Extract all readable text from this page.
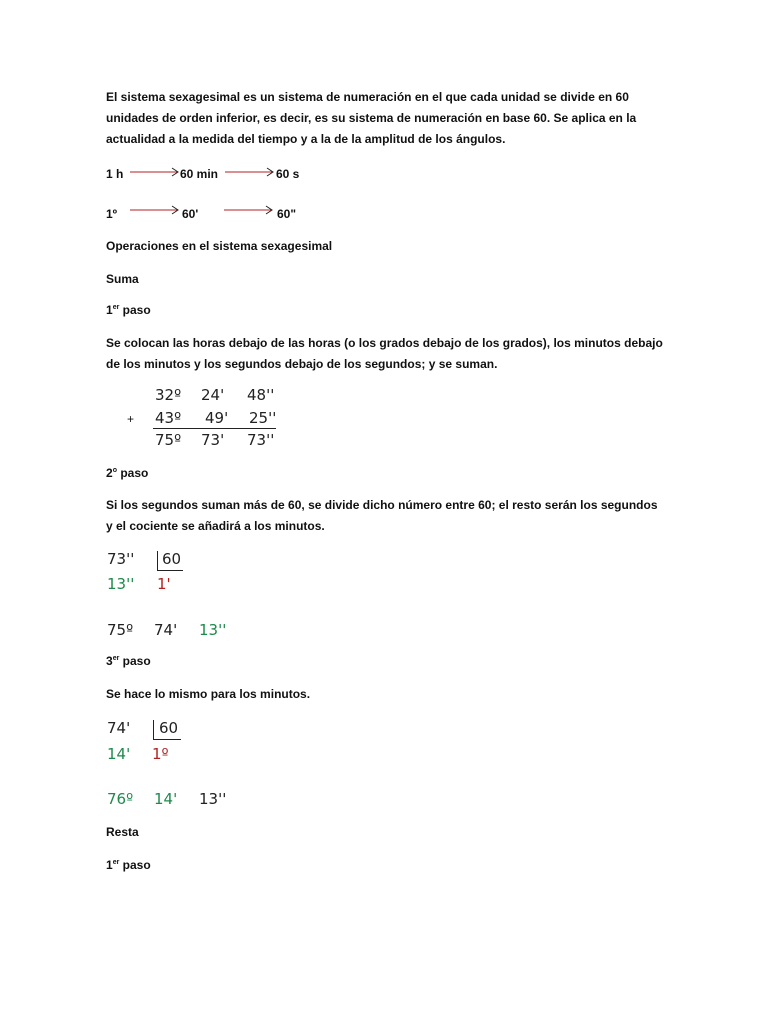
El sistema sexagesimal es un sistema de numeración en el que cada unidad se divide en 60 unidades de orden inferior, es decir, es su sistema de numeración en base 60. Se aplica en la actualidad a la medida del tiempo y a la de la amplitud de los ángulos.
1 h	60 min	60 s
1º	60'	60"
Operaciones en el sistema sexagesimal
Suma
1er paso
Se colocan las horas debajo de las horas (o los grados debajo de los grados), los minutos debajo de los minutos y los segundos debajo de los segundos; y se suman.
32º 24' 48''
+ 43º 49' 25''
75º 73' 73''
2$^o$ paso
Si los segundos suman más de 60, se divide dicho número entre 60; el resto serán los segundos y el cociente se añadirá a los minutos.
73'' 60
13'' 1'
75º 74' 13''
3er paso
Se hace lo mismo para los minutos.
74' 60
14' 1º
76º 14' 13''
Resta
1er paso
